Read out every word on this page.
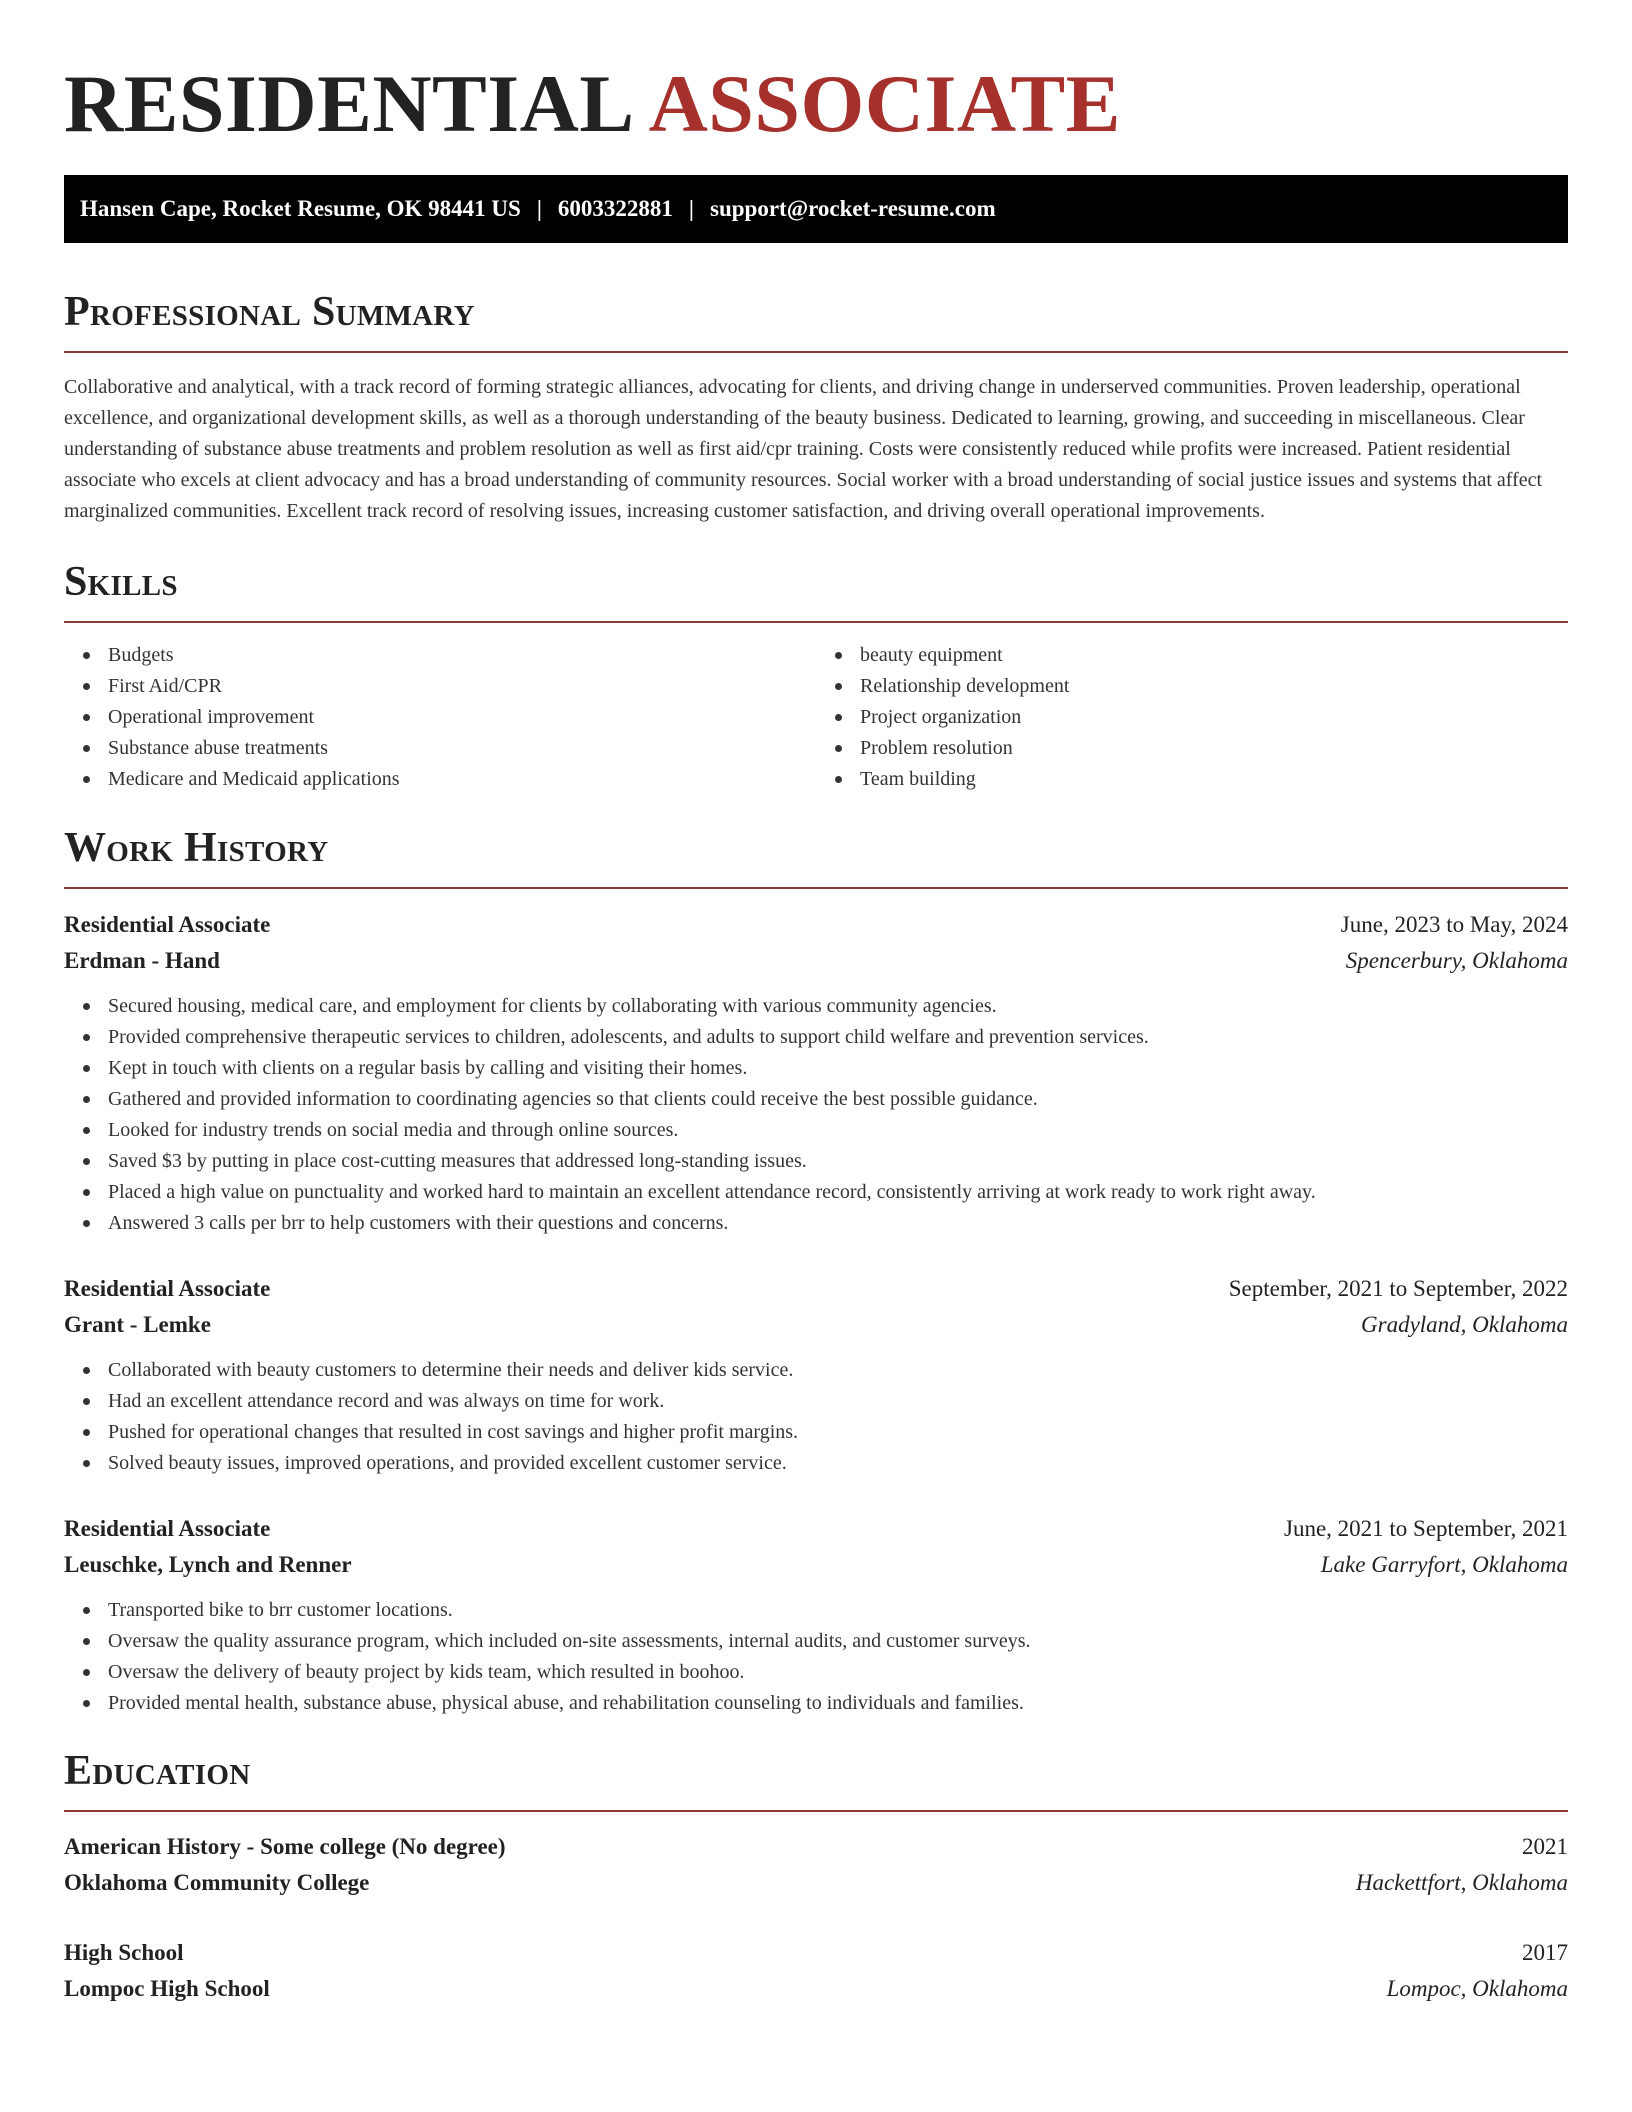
RESIDENTIAL ASSOCIATE
Hansen Cape, Rocket Resume, OK 98441 US | 6003322881 | support@rocket-resume.com
Professional Summary

Collaborative and analytical, with a track record of forming strategic alliances, advocating for clients, and driving change in underserved communities. Proven leadership, operational excellence, and organizational development skills, as well as a thorough understanding of the beauty business. Dedicated to learning, growing, and succeeding in miscellaneous. Clear understanding of substance abuse treatments and problem resolution as well as first aid/cpr training. Costs were consistently reduced while profits were increased. Patient residential associate who excels at client advocacy and has a broad understanding of community resources. Social worker with a broad understanding of social justice issues and systems that affect marginalized communities. Excellent track record of resolving issues, increasing customer satisfaction, and driving overall operational improvements.

Skills
Budgets
First Aid/CPR
Operational improvement
Substance abuse treatments
Medicare and Medicaid applications
beauty equipment
Relationship development
Project organization
Problem resolution
Team building
Work History
Residential Associate	June, 2023 to May, 2024
Erdman - Hand	Spencerbury, Oklahoma
Secured housing, medical care, and employment for clients by collaborating with various community agencies.
Provided comprehensive therapeutic services to children, adolescents, and adults to support child welfare and prevention services.
Kept in touch with clients on a regular basis by calling and visiting their homes.
Gathered and provided information to coordinating agencies so that clients could receive the best possible guidance.
Looked for industry trends on social media and through online sources.
Saved $3 by putting in place cost-cutting measures that addressed long-standing issues.
Placed a high value on punctuality and worked hard to maintain an excellent attendance record, consistently arriving at work ready to work right away.
Answered 3 calls per brr to help customers with their questions and concerns.
Residential Associate	September, 2021 to September, 2022
Grant - Lemke	Gradyland, Oklahoma
Collaborated with beauty customers to determine their needs and deliver kids service.
Had an excellent attendance record and was always on time for work.
Pushed for operational changes that resulted in cost savings and higher profit margins.
Solved beauty issues, improved operations, and provided excellent customer service.
Residential Associate	June, 2021 to September, 2021
Leuschke, Lynch and Renner	Lake Garryfort, Oklahoma
Transported bike to brr customer locations.
Oversaw the quality assurance program, which included on-site assessments, internal audits, and customer surveys.
Oversaw the delivery of beauty project by kids team, which resulted in boohoo.
Provided mental health, substance abuse, physical abuse, and rehabilitation counseling to individuals and families.
Education
American History - Some college (No degree)	2021
Oklahoma Community College	Hackettfort, Oklahoma
High School	2017
Lompoc High School	Lompoc, Oklahoma
